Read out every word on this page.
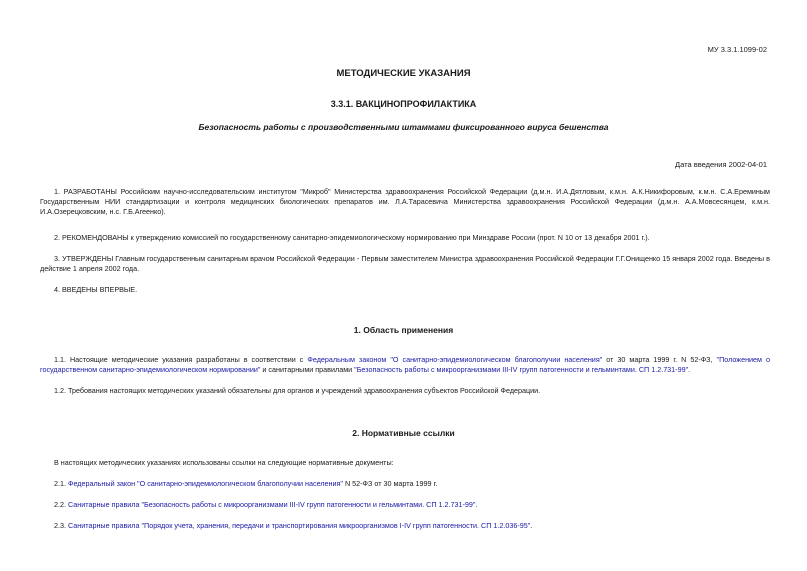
МУ 3.3.1.1099-02
МЕТОДИЧЕСКИЕ УКАЗАНИЯ
3.3.1. ВАКЦИНОПРОФИЛАКТИКА
Безопасность работы с производственными штаммами фиксированного вируса бешенства
Дата введения 2002-04-01

1. РАЗРАБОТАНЫ Российским научно-исследовательским институтом "Микроб" Министерства здравоохранения Российской Федерации (д.м.н. И.А.Дятловым, к.м.н. А.К.Никифоровым, к.м.н. С.А.Ереминым Государственным НИИ стандартизации и контроля медицинских биологических препаратов им. Л.А.Тарасевича Министерства здравоохранения Российской Федерации (д.м.н. А.А.Мовсесянцем, к.м.н. И.А.Озерецковским, н.с. Г.Б.Агеенко).

2. РЕКОМЕНДОВАНЫ к утверждению комиссией по государственному санитарно-эпидемиологическому нормированию при Минздраве России (прот. N 10 от 13 декабря 2001 г.).

3. УТВЕРЖДЕНЫ Главным государственным санитарным врачом Российской Федерации - Первым заместителем Министра здравоохранения Российской Федерации Г.Г.Онищенко 15 января 2002 года. Введены в действие 1 апреля 2002 года.

4. ВВЕДЕНЫ ВПЕРВЫЕ.

1. Область применения

1.1. Настоящие методические указания разработаны в соответствии с Федеральным законом "О санитарно-эпидемиологическом благополучии населения" от 30 марта 1999 г. N 52-ФЗ, "Положением о государственном санитарно-эпидемиологическом нормировании" и санитарными правилами "Безопасность работы с микроорганизмами III-IV групп патогенности и гельминтами. СП 1.2.731-99".

1.2. Требования настоящих методических указаний обязательны для органов и учреждений здравоохранения субъектов Российской Федерации.

2. Нормативные ссылки

В настоящих методических указаниях использованы ссылки на следующие нормативные документы:

2.1. Федеральный закон "О санитарно-эпидемиологическом благополучии населения" N 52-ФЗ от 30 марта 1999 г.

2.2. Санитарные правила "Безопасность работы с микроорганизмами III-IV групп патогенности и гельминтами. СП 1.2.731-99".

2.3. Санитарные правила "Порядок учета, хранения, передачи и транспортирования микроорганизмов I-IV групп патогенности. СП 1.2.036-95".
